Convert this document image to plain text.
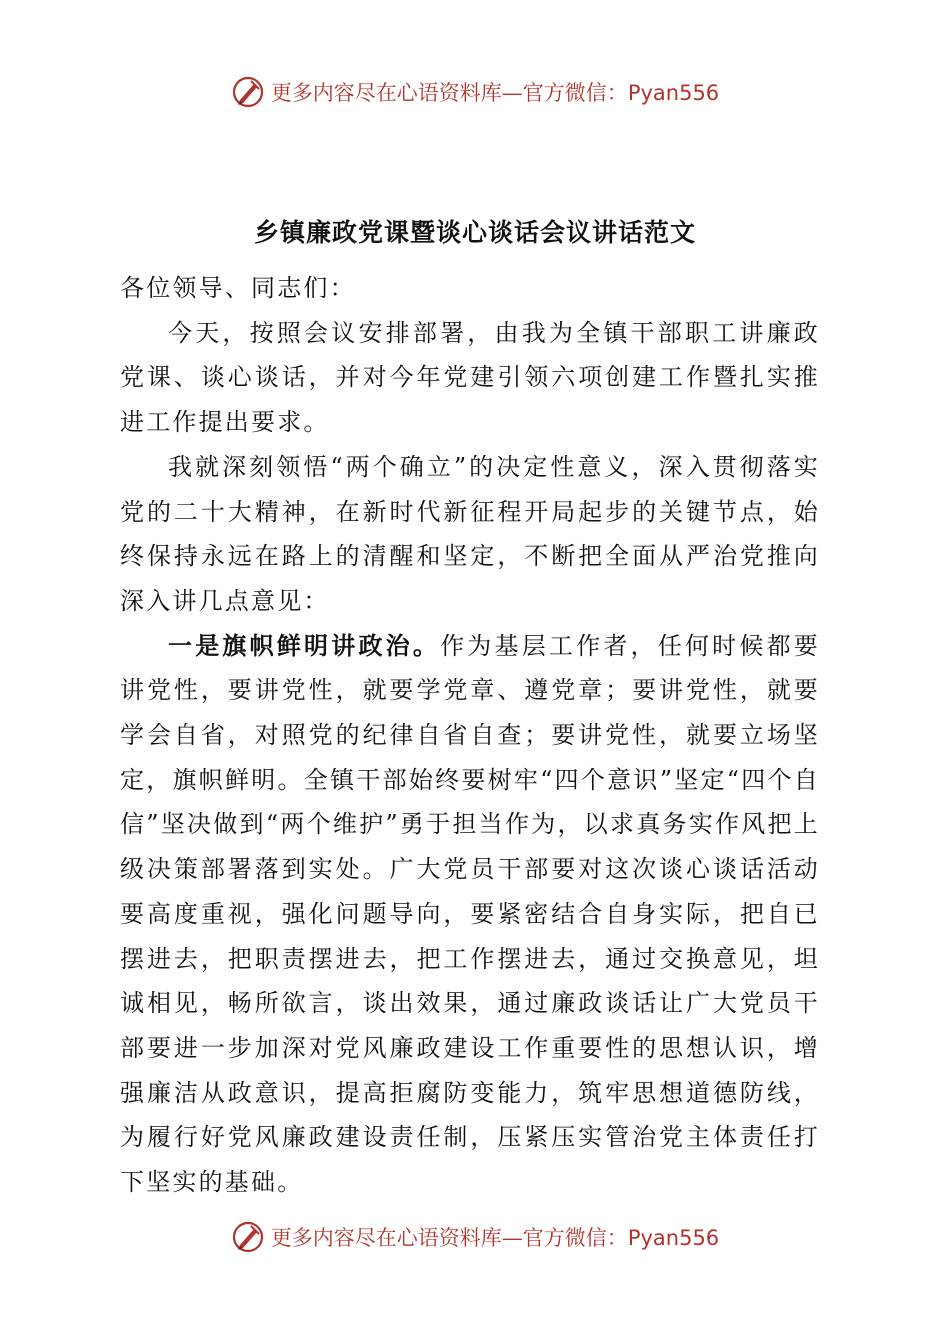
更多内容尽在心语资料库—官方微信：Pyan556
乡镇廉政党课暨谈心谈话会议讲话范文

各位领导、同志们：

今天，按照会议安排部署，由我为全镇干部职工讲廉政党课、谈心谈话，并对今年党建引领六项创建工作暨扎实推进工作提出要求。

我就深刻领悟“两个确立”的决定性意义，深入贯彻落实党的二十大精神，在新时代新征程开局起步的关键节点，始终保持永远在路上的清醒和坚定，不断把全面从严治党推向深入讲几点意见：

一是旗帜鲜明讲政治。作为基层工作者，任何时候都要讲党性，要讲党性，就要学党章、遵党章；要讲党性，就要学会自省，对照党的纪律自省自查；要讲党性，就要立场坚定，旗帜鲜明。全镇干部始终要树牢“四个意识”坚定“四个自信”坚决做到“两个维护”勇于担当作为，以求真务实作风把上级决策部署落到实处。广大党员干部要对这次谈心谈话活动要高度重视，强化问题导向，要紧密结合自身实际，把自已摆进去，把职责摆进去，把工作摆进去，通过交换意见，坦诚相见，畅所欲言，谈出效果，通过廉政谈话让广大党员干部要进一步加深对党风廉政建设工作重要性的思想认识，增强廉洁从政意识，提高拒腐防变能力，筑牢思想道德防线，为履行好党风廉政建设责任制，压紧压实管治党主体责任打下坚实的基础。

更多内容尽在心语资料库—官方微信：Pyan556
